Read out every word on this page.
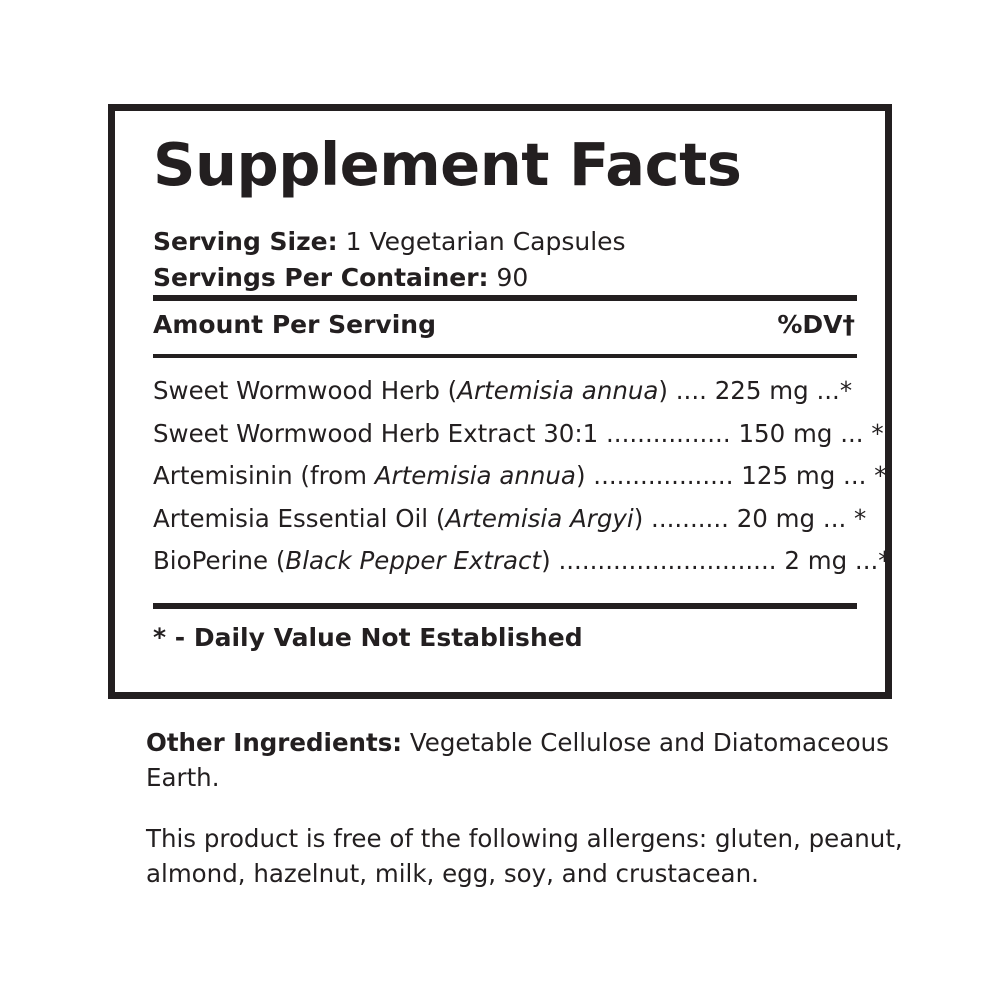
Supplement Facts
Serving Size: 1 Vegetarian Capsules
Servings Per Container: 90
Amount Per Serving	%DV†
Sweet Wormwood Herb (Artemisia annua) .... 225 mg ...*
Sweet Wormwood Herb Extract 30:1 ................ 150 mg ... *
Artemisinin (from Artemisia annua) .................. 125 mg ... *
Artemisia Essential Oil (Artemisia Argyi) .......... 20 mg ... *
BioPerine (Black Pepper Extract) ............................ 2 mg ...*
* - Daily Value Not Established
Other Ingredients: Vegetable Cellulose and Diatomaceous Earth.
This product is free of the following allergens: gluten, peanut, almond, hazelnut, milk, egg, soy, and crustacean.
